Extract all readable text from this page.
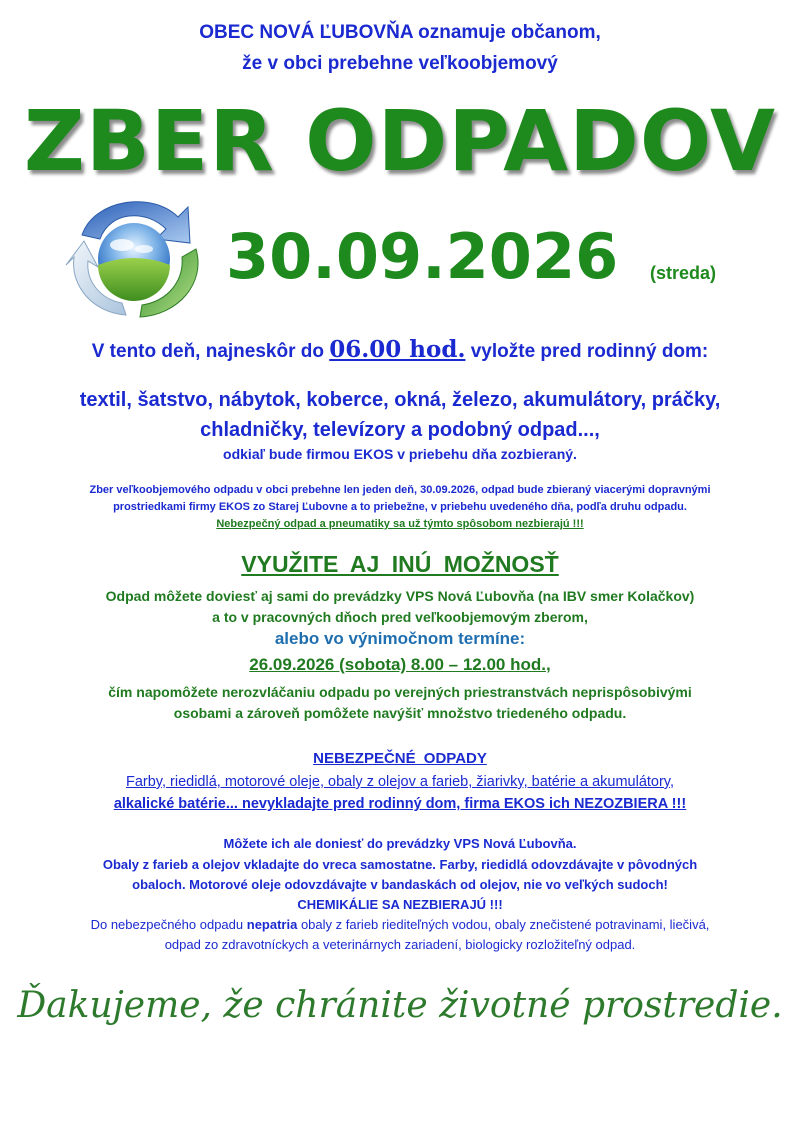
OBEC NOVÁ ĽUBOVŇA oznamuje občanom,
že v obci prebehne veľkoobjemový
ZBER ODPADOV
30.09.2026 (streda)
V tento deň, najneskôr do 06.00 hod. vyložte pred rodinný dom:
textil, šatstvo, nábytok, koberce, okná, železo, akumulátory, práčky,
chladničky, televízory a podobný odpad...,
odkiaľ bude firmou EKOS v priebehu dňa zozbieraný.
Zber veľkoobjemového odpadu v obci prebehne len jeden deň, 30.09.2026, odpad bude zbieraný viacerými dopravnými
prostriedkami firmy EKOS zo Starej Ľubovne a to priebežne, v priebehu uvedeného dňa, podľa druhu odpadu.
Nebezpečný odpad a pneumatiky sa už týmto spôsobom nezbierajú !!!
VYUŽITE AJ INÚ MOŽNOSŤ
Odpad môžete doviesť aj sami do prevádzky VPS Nová Ľubovňa (na IBV smer Kolačkov)
a to v pracovných dňoch pred veľkoobjemovým zberom,
alebo vo výnimočnom termíne:
26.09.2026 (sobota) 8.00 – 12.00 hod.,
čím napomôžete nerozvláčaniu odpadu po verejných priestranstvách neprispôsobivými
osobami a zároveň pomôžete navýšiť množstvo triedeného odpadu.
NEBEZPEČNÉ ODPADY
Farby, riedidlá, motorové oleje, obaly z olejov a farieb, žiarivky, batérie a akumulátory,
alkalické batérie... nevykladajte pred rodinný dom, firma EKOS ich NEZOZBIERA !!!
Môžete ich ale doniesť do prevádzky VPS Nová Ľubovňa.
Obaly z farieb a olejov vkladajte do vreca samostatne. Farby, riedidlá odovzdávajte v pôvodných
obaloch. Motorové oleje odovzdávajte v bandaskách od olejov, nie vo veľkých sudoch!
CHEMIKÁLIE SA NEZBIERAJÚ !!!
Do nebezpečného odpadu nepatria obaly z farieb riediteľných vodou, obaly znečistené potravinami, liečivá,
odpad zo zdravotníckych a veterinárnych zariadení, biologicky rozložiteľný odpad.
Ďakujeme, že chránite životné prostredie.
